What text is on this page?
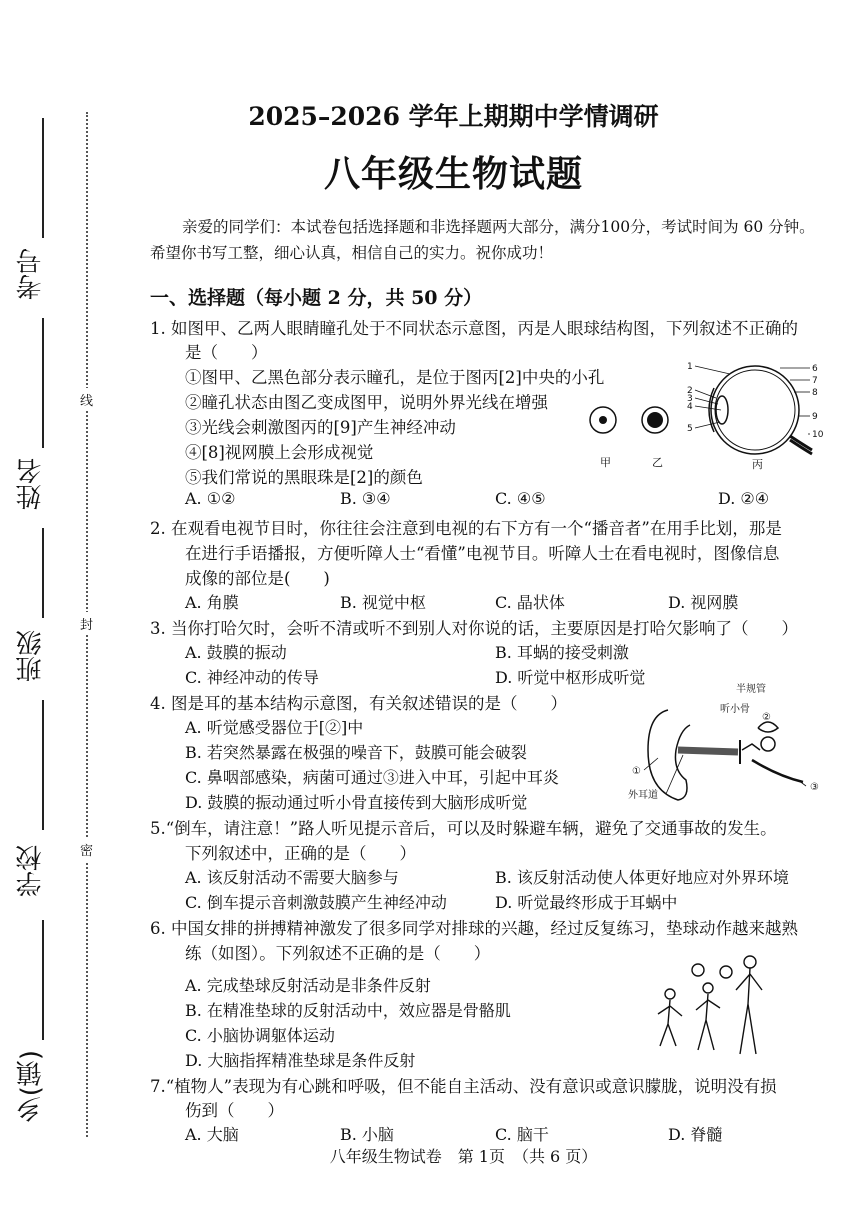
考号
姓名
班级
学校
乡(镇)
线
封
密
2025–2026 学年上期期中学情调研
八年级生物试题
亲爱的同学们：本试卷包括选择题和非选择题两大部分，满分100分，考试时间为 60 分钟。希望你书写工整，细心认真，相信自己的实力。祝你成功！
一、选择题（每小题 2 分，共 50 分）
1. 如图甲、乙两人眼睛瞳孔处于不同状态示意图，丙是人眼球结构图，下列叙述不正确的
是（　　）
①图甲、乙黑色部分表示瞳孔，是位于图丙[2]中央的小孔
②瞳孔状态由图乙变成图甲，说明外界光线在增强
③光线会刺激图丙的[9]产生神经冲动
④[8]视网膜上会形成视觉
⑤我们常说的黑眼珠是[2]的颜色
A. ①②	B. ③④	C. ④⑤	D. ②④
1
2
3
4
5
6
7
8
9
10
甲	乙	丙
2. 在观看电视节目时，你往往会注意到电视的右下方有一个“播音者”在用手比划，那是
在进行手语播报，方便听障人士“看懂”电视节目。听障人士在看电视时，图像信息
成像的部位是(　　)
A. 角膜	B. 视觉中枢	C. 晶状体	D. 视网膜
3. 当你打哈欠时，会听不清或听不到别人对你说的话，主要原因是打哈欠影响了（　　）
A. 鼓膜的振动	B. 耳蜗的接受刺激
C. 神经冲动的传导	D. 听觉中枢形成听觉
4. 图是耳的基本结构示意图，有关叙述错误的是（　　）
A. 听觉感受器位于[②]中
B. 若突然暴露在极强的噪音下，鼓膜可能会破裂
C. 鼻咽部感染，病菌可通过③进入中耳，引起中耳炎
D. 鼓膜的振动通过听小骨直接传到大脑形成听觉
半规管
听小骨
外耳道
①
②
③
5.“倒车，请注意！”路人听见提示音后，可以及时躲避车辆，避免了交通事故的发生。
下列叙述中，正确的是（　　）
A. 该反射活动不需要大脑参与	B. 该反射活动使人体更好地应对外界环境
C. 倒车提示音刺激鼓膜产生神经冲动	D. 听觉最终形成于耳蜗中
6. 中国女排的拼搏精神激发了很多同学对排球的兴趣，经过反复练习，垫球动作越来越熟
练（如图）。下列叙述不正确的是（　　）
A. 完成垫球反射活动是非条件反射
B. 在精准垫球的反射活动中，效应器是骨骼肌
C. 小脑协调躯体运动
D. 大脑指挥精准垫球是条件反射
7.“植物人”表现为有心跳和呼吸，但不能自主活动、没有意识或意识朦胧，说明没有损
伤到（　　）
A. 大脑	B. 小脑	C. 脑干	D. 脊髓
八年级生物试卷　第 1页　（共 6 页）
